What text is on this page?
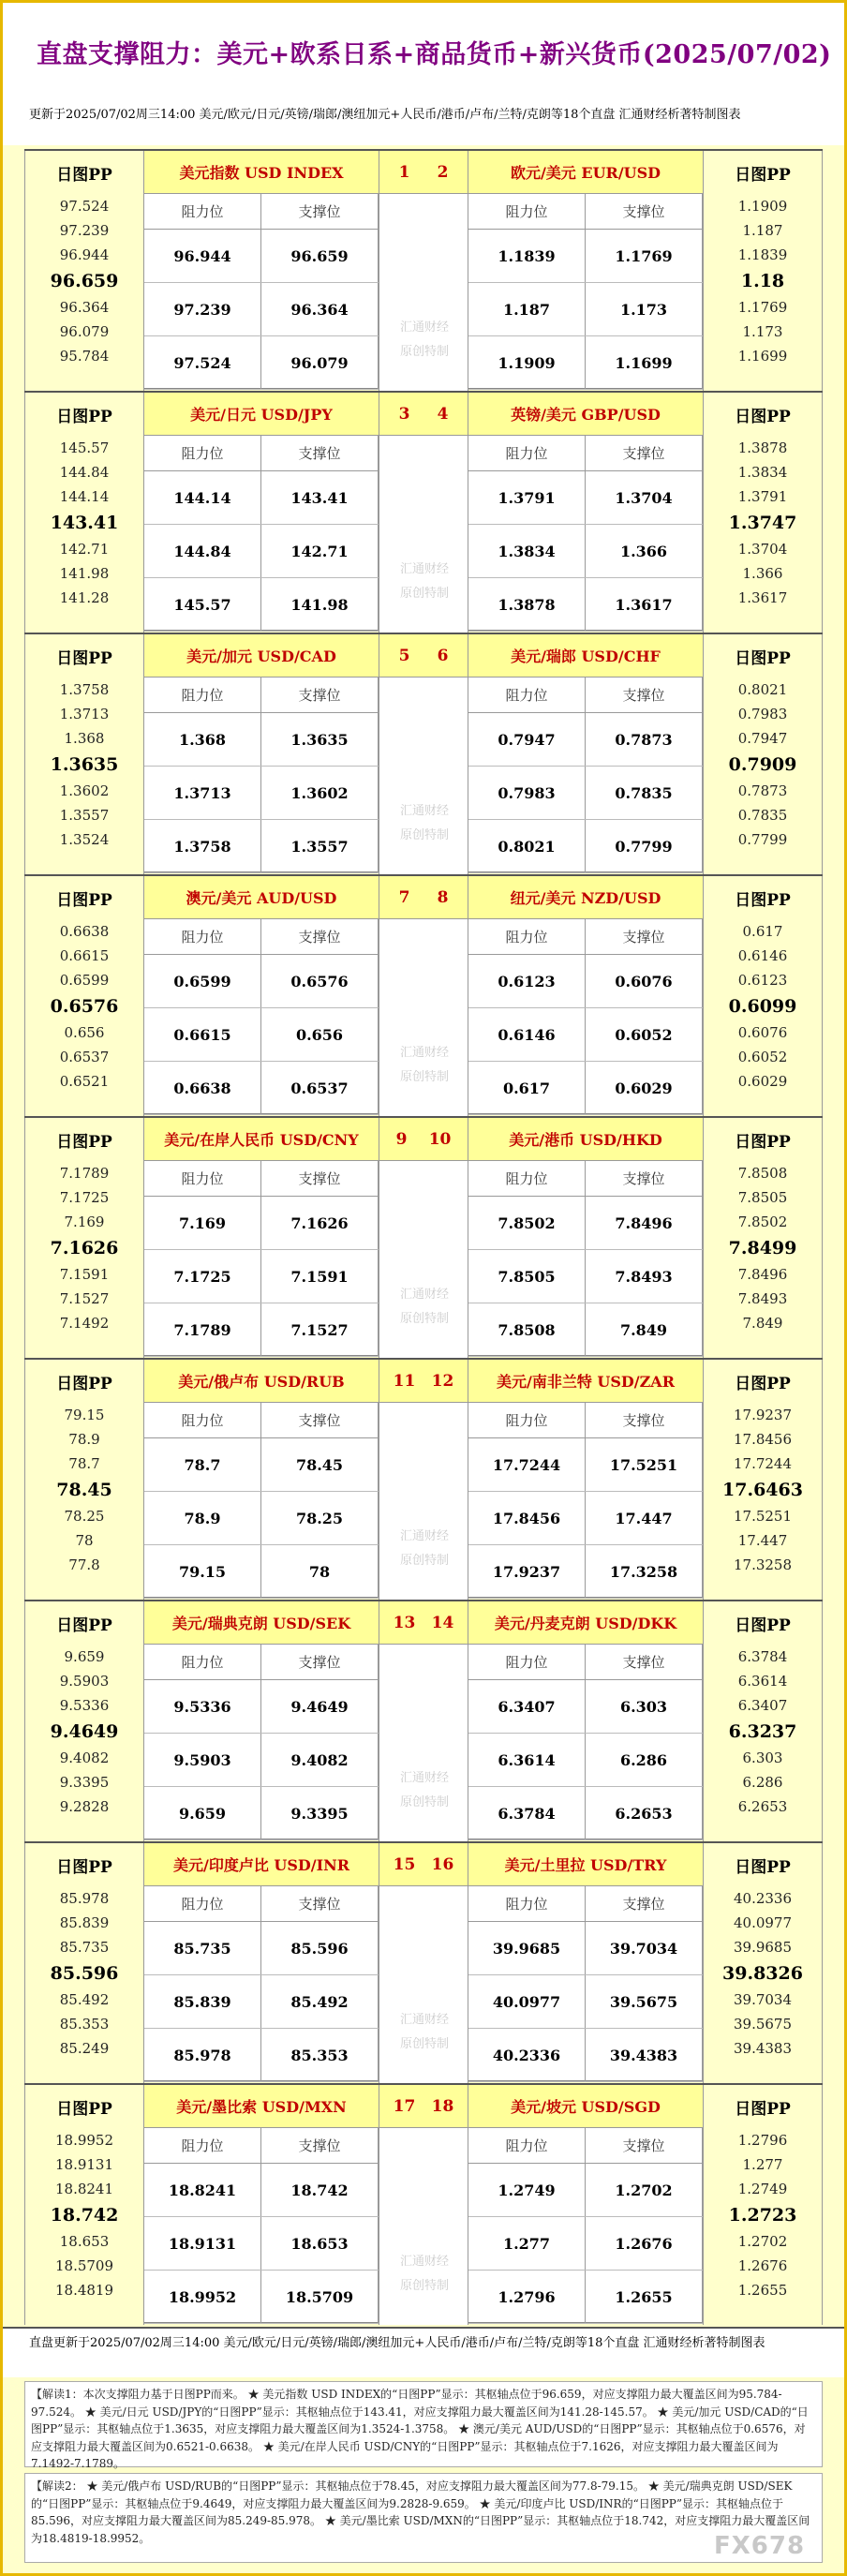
直盘支撑阻力：美元+欧系日系+商品货币+新兴货币(2025/07/02)
更新于2025/07/02周三14:00 美元/欧元/日元/英镑/瑞郎/澳纽加元+人民币/港币/卢布/兰特/克朗等18个直盘 汇通财经析著特制图表
日图PP
97.524
97.239
96.944
96.659
96.364
96.079
95.784
美元指数 USD INDEX
阻力位	支撑位
96.944	96.659
97.239	96.364
97.524	96.079
1 2
汇通财经
原创特制
欧元/美元 EUR/USD
阻力位	支撑位
1.1839	1.1769
1.187	1.173
1.1909	1.1699
日图PP
1.1909
1.187
1.1839
1.18
1.1769
1.173
1.1699
日图PP
145.57
144.84
144.14
143.41
142.71
141.98
141.28
美元/日元 USD/JPY
阻力位	支撑位
144.14	143.41
144.84	142.71
145.57	141.98
3 4
汇通财经
原创特制
英镑/美元 GBP/USD
阻力位	支撑位
1.3791	1.3704
1.3834	1.366
1.3878	1.3617
日图PP
1.3878
1.3834
1.3791
1.3747
1.3704
1.366
1.3617
日图PP
1.3758
1.3713
1.368
1.3635
1.3602
1.3557
1.3524
美元/加元 USD/CAD
阻力位	支撑位
1.368	1.3635
1.3713	1.3602
1.3758	1.3557
5 6
汇通财经
原创特制
美元/瑞郎 USD/CHF
阻力位	支撑位
0.7947	0.7873
0.7983	0.7835
0.8021	0.7799
日图PP
0.8021
0.7983
0.7947
0.7909
0.7873
0.7835
0.7799
日图PP
0.6638
0.6615
0.6599
0.6576
0.656
0.6537
0.6521
澳元/美元 AUD/USD
阻力位	支撑位
0.6599	0.6576
0.6615	0.656
0.6638	0.6537
7 8
汇通财经
原创特制
纽元/美元 NZD/USD
阻力位	支撑位
0.6123	0.6076
0.6146	0.6052
0.617	0.6029
日图PP
0.617
0.6146
0.6123
0.6099
0.6076
0.6052
0.6029
日图PP
7.1789
7.1725
7.169
7.1626
7.1591
7.1527
7.1492
美元/在岸人民币 USD/CNY
阻力位	支撑位
7.169	7.1626
7.1725	7.1591
7.1789	7.1527
9 10
汇通财经
原创特制
美元/港币 USD/HKD
阻力位	支撑位
7.8502	7.8496
7.8505	7.8493
7.8508	7.849
日图PP
7.8508
7.8505
7.8502
7.8499
7.8496
7.8493
7.849
日图PP
79.15
78.9
78.7
78.45
78.25
78
77.8
美元/俄卢布 USD/RUB
阻力位	支撑位
78.7	78.45
78.9	78.25
79.15	78
11 12
汇通财经
原创特制
美元/南非兰特 USD/ZAR
阻力位	支撑位
17.7244	17.5251
17.8456	17.447
17.9237	17.3258
日图PP
17.9237
17.8456
17.7244
17.6463
17.5251
17.447
17.3258
日图PP
9.659
9.5903
9.5336
9.4649
9.4082
9.3395
9.2828
美元/瑞典克朗 USD/SEK
阻力位	支撑位
9.5336	9.4649
9.5903	9.4082
9.659	9.3395
13 14
汇通财经
原创特制
美元/丹麦克朗 USD/DKK
阻力位	支撑位
6.3407	6.303
6.3614	6.286
6.3784	6.2653
日图PP
6.3784
6.3614
6.3407
6.3237
6.303
6.286
6.2653
日图PP
85.978
85.839
85.735
85.596
85.492
85.353
85.249
美元/印度卢比 USD/INR
阻力位	支撑位
85.735	85.596
85.839	85.492
85.978	85.353
15 16
汇通财经
原创特制
美元/土里拉 USD/TRY
阻力位	支撑位
39.9685	39.7034
40.0977	39.5675
40.2336	39.4383
日图PP
40.2336
40.0977
39.9685
39.8326
39.7034
39.5675
39.4383
日图PP
18.9952
18.9131
18.8241
18.742
18.653
18.5709
18.4819
美元/墨比索 USD/MXN
阻力位	支撑位
18.8241	18.742
18.9131	18.653
18.9952	18.5709
17 18
汇通财经
原创特制
美元/坡元 USD/SGD
阻力位	支撑位
1.2749	1.2702
1.277	1.2676
1.2796	1.2655
日图PP
1.2796
1.277
1.2749
1.2723
1.2702
1.2676
1.2655
直盘更新于2025/07/02周三14:00 美元/欧元/日元/英镑/瑞郎/澳纽加元+人民币/港币/卢布/兰特/克朗等18个直盘 汇通财经析著特制图表
【解读1：本次支撑阻力基于日图PP而来。 ★ 美元指数 USD INDEX的“日图PP”显示：其枢轴点位于96.659，对应支撑阻力最大覆盖区间为95.784-97.524。 ★ 美元/日元 USD/JPY的“日图PP”显示：其枢轴点位于143.41，对应支撑阻力最大覆盖区间为141.28-145.57。 ★ 美元/加元 USD/CAD的“日图PP”显示：其枢轴点位于1.3635，对应支撑阻力最大覆盖区间为1.3524-1.3758。 ★ 澳元/美元 AUD/USD的“日图PP”显示：其枢轴点位于0.6576，对应支撑阻力最大覆盖区间为0.6521-0.6638。 ★ 美元/在岸人民币 USD/CNY的“日图PP”显示：其枢轴点位于7.1626，对应支撑阻力最大覆盖区间为7.1492-7.1789。
【解读2： ★ 美元/俄卢布 USD/RUB的“日图PP”显示：其枢轴点位于78.45，对应支撑阻力最大覆盖区间为77.8-79.15。 ★ 美元/瑞典克朗 USD/SEK的“日图PP”显示：其枢轴点位于9.4649，对应支撑阻力最大覆盖区间为9.2828-9.659。 ★ 美元/印度卢比 USD/INR的“日图PP”显示：其枢轴点位于85.596，对应支撑阻力最大覆盖区间为85.249-85.978。 ★ 美元/墨比索 USD/MXN的“日图PP”显示：其枢轴点位于18.742，对应支撑阻力最大覆盖区间为18.4819-18.9952。	FX678
